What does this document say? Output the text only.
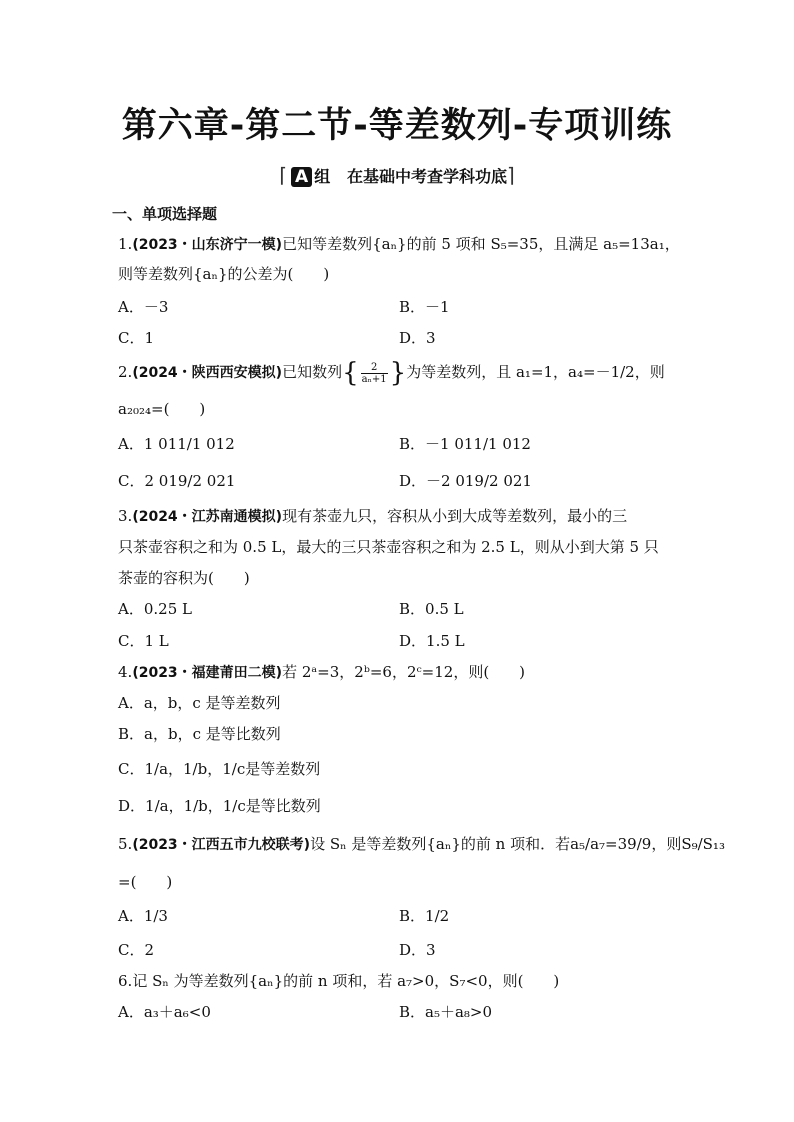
第六章-第二节-等差数列-专项训练
⌈ A 组 在基础中考查学科功底⌉
一、单项选择题
1.(2023・山东济宁一模)已知等差数列{aₙ}的前 5 项和 S₅=35，且满足 a₅=13a₁，
则等差数列{aₙ}的公差为(　　)
A．－3	B．－1
C．1	D．3
2.(2024・陕西西安模拟)已知数列{ $\frac{2}{\text{aₙ+1}}$ }为等差数列，且 a₁=1，a₄=－1/2，则
a₂₀₂₄=(　　)
A．1 011/1 012	B．－1 011/1 012
C．2 019/2 021	D．－2 019/2 021
3.(2024・江苏南通模拟)现有茶壶九只，容积从小到大成等差数列，最小的三
只茶壶容积之和为 0.5 L，最大的三只茶壶容积之和为 2.5 L，则从小到大第 5 只
茶壶的容积为(　　)
A．0.25 L	B．0.5 L
C．1 L	D．1.5 L
4.(2023・福建莆田二模)若 2ᵃ=3，2ᵇ=6，2ᶜ=12，则(　　)
A．a，b，c 是等差数列
B．a，b，c 是等比数列
C．1/a，1/b，1/c是等差数列
D．1/a，1/b，1/c是等比数列
5.(2023・江西五市九校联考)设 Sₙ 是等差数列{aₙ}的前 n 项和．若a₅/a₇=39/9，则S₉/S₁₃
=(　　)
A．1/3	B．1/2
C．2	D．3
6.记 Sₙ 为等差数列{aₙ}的前 n 项和，若 a₇>0，S₇<0，则(　　)
A．a₃＋a₆<0	B．a₅＋a₈>0
